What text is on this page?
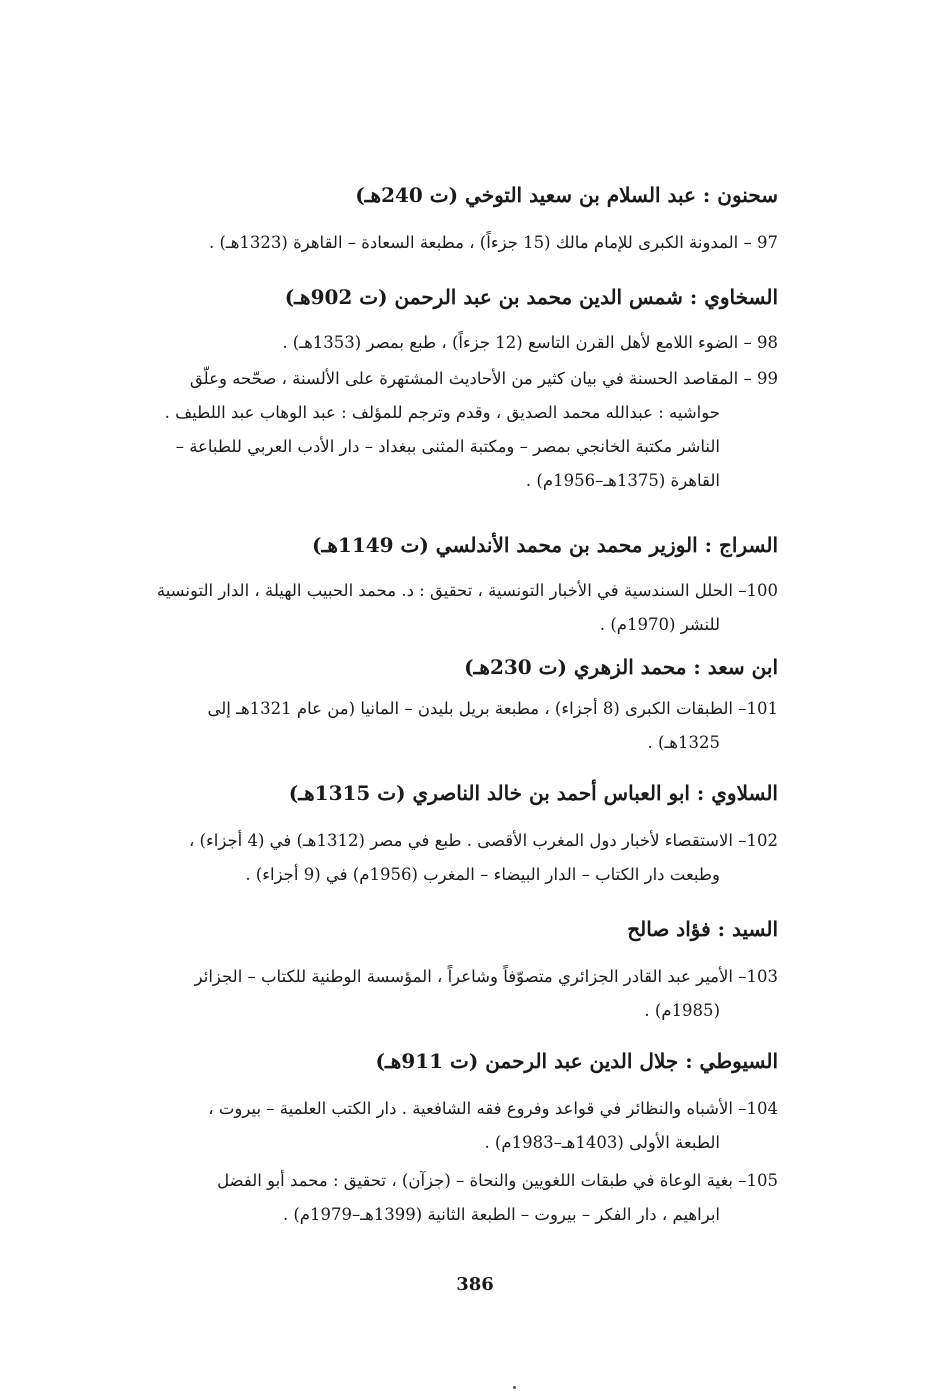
سحنون : عبد السلام بن سعيد التوخي (ت 240هـ)

97 – المدونة الكبرى للإمام مالك (15 جزءاً) ، مطبعة السعادة – القاهرة (1323هـ) .

السخاوي : شمس الدين محمد بن عبد الرحمن (ت 902هـ)

98 – الضوء اللامع لأهل القرن التاسع (12 جزءاً) ، طبع بمصر (1353هـ) .

99 – المقاصد الحسنة في بيان كثير من الأحاديث المشتهرة على الألسنة ، صحّحه وعلّق

حواشيه : عبدالله محمد الصديق ، وقدم وترجم للمؤلف : عبد الوهاب عبد اللطيف .

الناشر مكتبة الخانجي بمصر – ومكتبة المثنى ببغداد – دار الأدب العربي للطباعة –

القاهرة (1375هـ–1956م) .

السراج : الوزير محمد بن محمد الأندلسي (ت 1149هـ)

100– الحلل السندسية في الأخبار التونسية ، تحقيق : د. محمد الحبيب الهيلة ، الدار التونسية

للنشر (1970م) .

ابن سعد : محمد الزهري (ت 230هـ)

101– الطبقات الكبرى (8 أجزاء) ، مطبعة بريل بليدن – المانيا (من عام 1321هـ إلى

1325هـ) .

السلاوي : ابو العباس أحمد بن خالد الناصري (ت 1315هـ)

102– الاستقصاء لأخبار دول المغرب الأقصى . طبع في مصر (1312هـ) في (4 أجزاء) ،

وطبعت دار الكتاب – الدار البيضاء – المغرب (1956م) في (9 أجزاء) .

السيد : فؤاد صالح

103– الأمير عبد القادر الجزائري متصوّفاً وشاعراً ، المؤسسة الوطنية للكتاب – الجزائر

(1985م) .

السيوطي : جلال الدين عبد الرحمن (ت 911هـ)

104– الأشباه والنظائر في قواعد وفروع فقه الشافعية . دار الكتب العلمية – بيروت ،

الطبعة الأولى (1403هـ–1983م) .

105– بغية الوعاة في طبقات اللغويين والنحاة – (جزآن) ، تحقيق : محمد أبو الفضل

ابراهيم ، دار الفكر – بيروت – الطبعة الثانية (1399هـ–1979م) .

386
